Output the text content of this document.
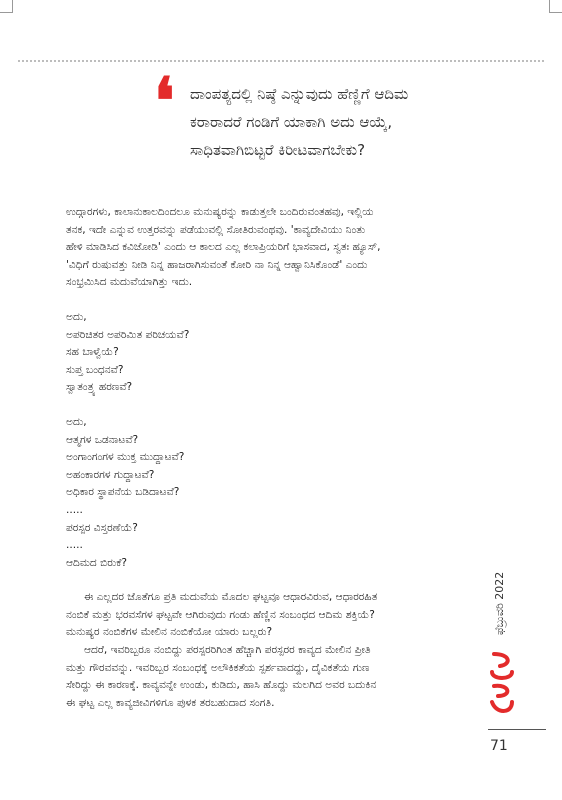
❛ ದಾಂಪತ್ಯದಲ್ಲಿ ನಿಷ್ಠೆ ಎನ್ನುವುದು ಹೆಣ್ಣಿಗೆ ಆದಿಮ
ಕರಾರಾದರೆ ಗಂಡಿಗೆ ಯಾಕಾಗಿ ಅದು ಆಯ್ಕೆ,
ಸಾಧಿತವಾಗಿಬಿಟ್ಟರೆ ಕಿರೀಟವಾಗಬೇಕು?
ಉದ್ಗಾರಗಳು, ಕಾಲಾನುಕಾಲದಿಂದಲೂ ಮನುಷ್ಯರನ್ನು ಕಾಡುತ್ತಲೇ ಬಂದಿರುವಂತಹವು, ಇಲ್ಲಿಯ
ತನಕ, ಇದೇ ಎನ್ನುವ ಉತ್ತರವನ್ನು ಪಡೆಯುವಲ್ಲಿ ಸೋತಿರುವಂಥವು. 'ಕಾವ್ಯದೇವಿಯು ನಿಂತು
ಹೇಳಿ ಮಾಡಿಸಿದ ಕವಿಜೋಡಿ' ಎಂದು ಆ ಕಾಲದ ಎಲ್ಲ ಕಲಾಪ್ರಿಯರಿಗೆ ಭಾಸವಾದ, ಸ್ವತಃ ಹ್ಯೂಸ್,
'ವಿಧಿಗೆ ರುಷುವತ್ತು ನೀಡಿ ನಿನ್ನ ಹಾಜರಾಗಿಸುವಂತೆ ಕೋರಿ ನಾ ನಿನ್ನ ಆಹ್ವಾನಿಸಿಕೊಂಡೆ' ಎಂದು
ಸಂಭ್ರಮಿಸಿದ ಮದುವೆಯಾಗಿತ್ತು ಇದು.
ಅದು,
ಅಪರಿಚಿತರ ಅಪರಿಮಿತ ಪರಿಚಯವೆ?
ಸಹ ಬಾಳ್ವೆಯೆ?
ಸುಪ್ತ ಬಂಧನವೆ?
ಸ್ವಾತಂತ್ರ್ಯ ಹರಣವೆ?
ಅದು,
ಆತ್ಮಗಳ ಒಡನಾಟವೆ?
ಅಂಗಾಂಗಂಗಳ ಮುಕ್ತ ಮುದ್ದಾಟವೆ?
ಅಹಂಕಾರಗಳ ಗುದ್ದಾಟವೆ?
ಅಧಿಕಾರ ಸ್ಥಾಪನೆಯ ಬಡಿದಾಟವೆ?
.....
ಪರಸ್ಪರ ವಿಸ್ತರಣೆಯೆ?
.....
ಆದಿಮದ ಬಿರುಕೆ?
ಈ ಎಲ್ಲದರ ಜೊತೆಗೂ ಪ್ರತಿ ಮದುವೆಯ ಮೊದಲ ಘಟ್ಟವೂ ಆಧಾರವಿರುವ, ಆಧಾರರಹಿತ
ನಂಬಿಕೆ ಮತ್ತು ಭರವಸೆಗಳ ಘಟ್ಟವೇ ಆಗಿರುವುದು ಗಂಡು ಹೆಣ್ಣಿನ ಸಂಬಂಧದ ಆದಿಮ ಶಕ್ತಿಯೆ?
ಮನುಷ್ಯರ ನಂಬಿಕೆಗಳ ಮೇಲಿನ ನಂಬಿಕೆಯೋ ಯಾರು ಬಲ್ಲರು?
ಆದರೆ, ಇವರಿಬ್ಬರೂ ನಂಬಿದ್ದು ಪರಸ್ಪರರಿಗಿಂತ ಹೆಚ್ಚಾಗಿ ಪರಸ್ಪರರ ಕಾವ್ಯದ ಮೇಲಿನ ಪ್ರೀತಿ
ಮತ್ತು ಗೌರವವನ್ನು. ಇವರಿಬ್ಬರ ಸಂಬಂಧಕ್ಕೆ ಅಲೌಕಿಕತೆಯ ಸ್ಪರ್ಶವಾದದ್ದು, ದೈವಿಕತೆಯ ಗುಣ
ಸೇರಿದ್ದು ಈ ಕಾರಣಕ್ಕೆ. ಕಾವ್ಯವನ್ನೇ ಉಂಡು, ಕುಡಿದು, ಹಾಸಿ ಹೊದ್ದು ಮಲಗಿದ ಅವರ ಬದುಕಿನ
ಈ ಘಟ್ಟ ಎಲ್ಲ ಕಾವ್ಯಜೀವಿಗಳಿಗೂ ಪುಳಕ ತರಬಹುದಾದ ಸಂಗತಿ.
ಫೆಬ್ರುವರಿ 2022
71
